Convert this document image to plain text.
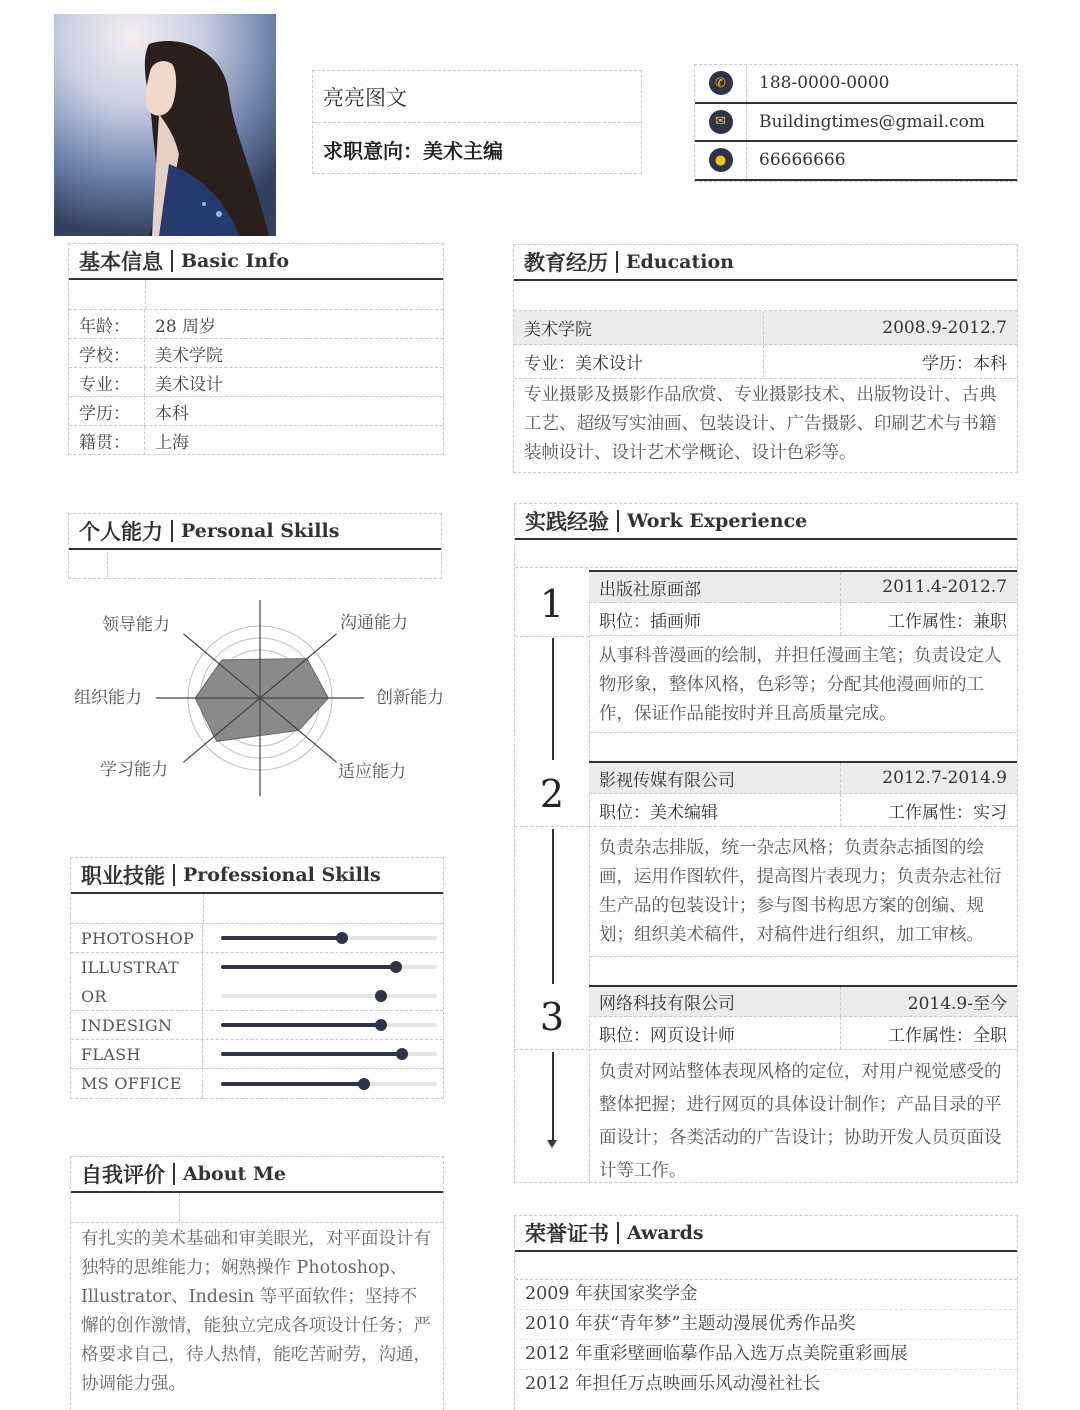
亮亮图文
求职意向：美术主编
✆	188-0000-0000
✉	Buildingtimes@gmail.com
●	66666666
基本信息 Basic Info
年龄：	28 周岁
学校：	美术学院
专业：	美术设计
学历：	本科
籍贯：	上海
教育经历 Education
美术学院	2008.9-2012.7
专业：美术设计	学历：本科
专业摄影及摄影作品欣赏、专业摄影技术、出版物设计、古典工艺、超级写实油画、包装设计、广告摄影、印刷艺术与书籍装帧设计、设计艺术学概论、设计色彩等。
个人能力 Personal Skills
领导能力	沟通能力
创新能力
适应能力
学习能力
组织能力
职业技能 Professional Skills
PHOTOSHOP
ILLUSTRAT
OR
INDESIGN
FLASH
MS OFFICE
自我评价 About Me
有扎实的美术基础和审美眼光，对平面设计有独特的思维能力；娴熟操作 Photoshop、Illustrator、Indesin 等平面软件；坚持不懈的创作激情，能独立完成各项设计任务；严格要求自己，待人热情，能吃苦耐劳，沟通，协调能力强。
实践经验 Work Experience
1	出版社原画部	2011.4-2012.7
职位：插画师	工作属性：兼职
从事科普漫画的绘制，并担任漫画主笔；负责设定人物形象，整体风格，色彩等；分配其他漫画师的工作，保证作品能按时并且高质量完成。
2	影视传媒有限公司	2012.7-2014.9
职位：美术编辑	工作属性：实习
负责杂志排版，统一杂志风格；负责杂志插图的绘画，运用作图软件，提高图片表现力；负责杂志社衍生产品的包装设计；参与图书构思方案的创编、规划；组织美术稿件，对稿件进行组织，加工审核。
3	网络科技有限公司	2014.9-至今
职位：网页设计师	工作属性：全职
负责对网站整体表现风格的定位，对用户视觉感受的整体把握；进行网页的具体设计制作；产品目录的平面设计；各类活动的广告设计；协助开发人员页面设计等工作。
荣誉证书 Awards
2009 年获国家奖学金
2010 年获“青年梦”主题动漫展优秀作品奖
2012 年重彩壁画临摹作品入选万点美院重彩画展
2012 年担任万点映画乐风动漫社社长
